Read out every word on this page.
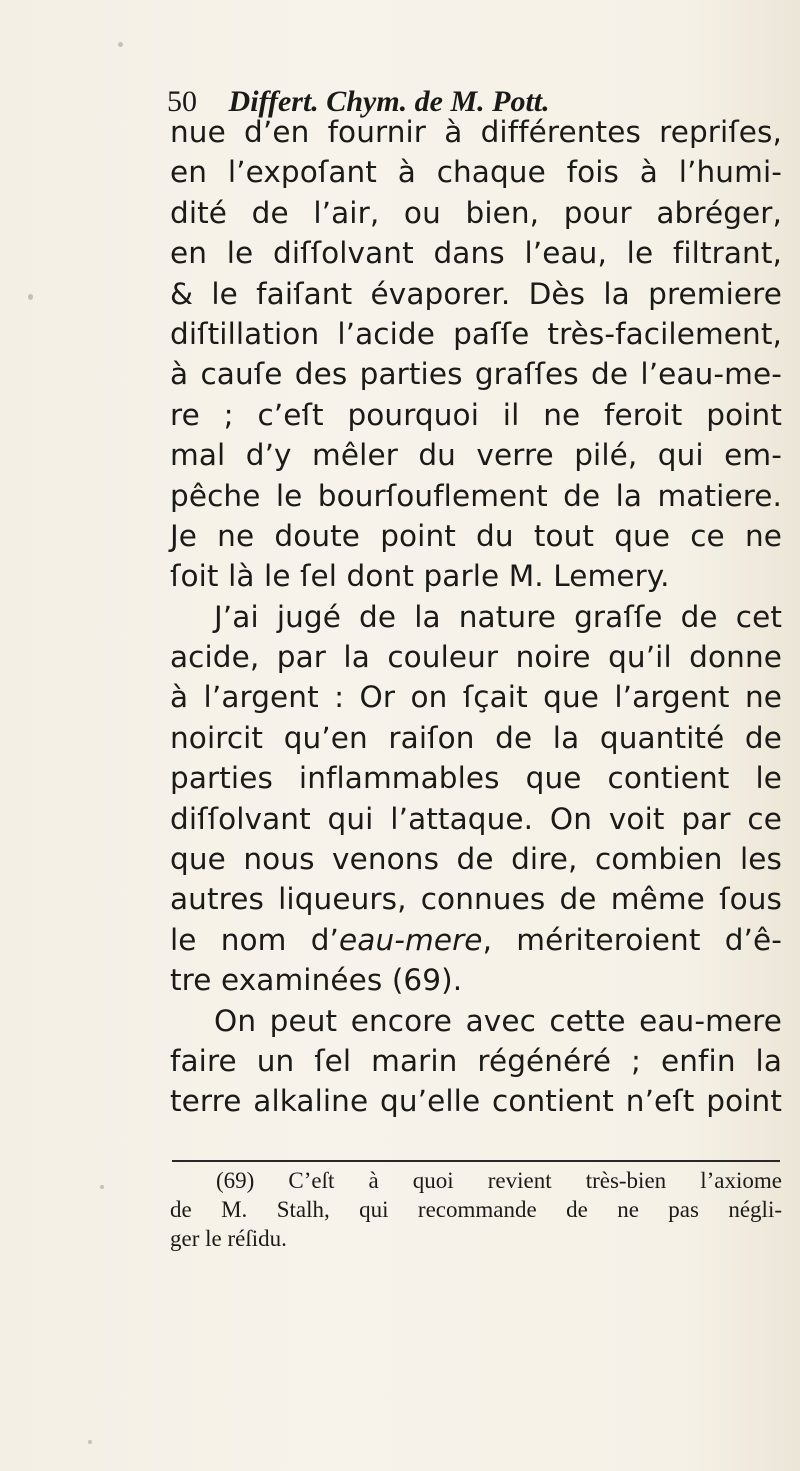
50 Differt. Chym. de M. Pott.
nue d’en fournir à différentes repriſes,
en l’expoſant à chaque fois à l’humi-
dité de l’air, ou bien, pour abréger,
en le diſſolvant dans l’eau, le filtrant,
& le faiſant évaporer. Dès la premiere
diſtillation l’acide paſſe très-facilement,
à cauſe des parties graſſes de l’eau-me-
re ; c’eſt pourquoi il ne feroit point
mal d’y mêler du verre pilé, qui em-
pêche le bourſouflement de la matiere.
Je ne doute point du tout que ce ne
ſoit là le ſel dont parle M. Lemery.
J’ai jugé de la nature graſſe de cet
acide, par la couleur noire qu’il donne
à l’argent : Or on ſçait que l’argent ne
noircit qu’en raiſon de la quantité de
parties inflammables que contient le
diſſolvant qui l’attaque. On voit par ce
que nous venons de dire, combien les
autres liqueurs, connues de même ſous
le nom d’eau-mere, mériteroient d’ê-
tre examinées (69).
On peut encore avec cette eau-mere
faire un ſel marin régénéré ; enfin la
terre alkaline qu’elle contient n’eſt point
(69) C’eſt à quoi revient très-bien l’axiome
de M. Stalh, qui recommande de ne pas négli-
ger le réſidu.
